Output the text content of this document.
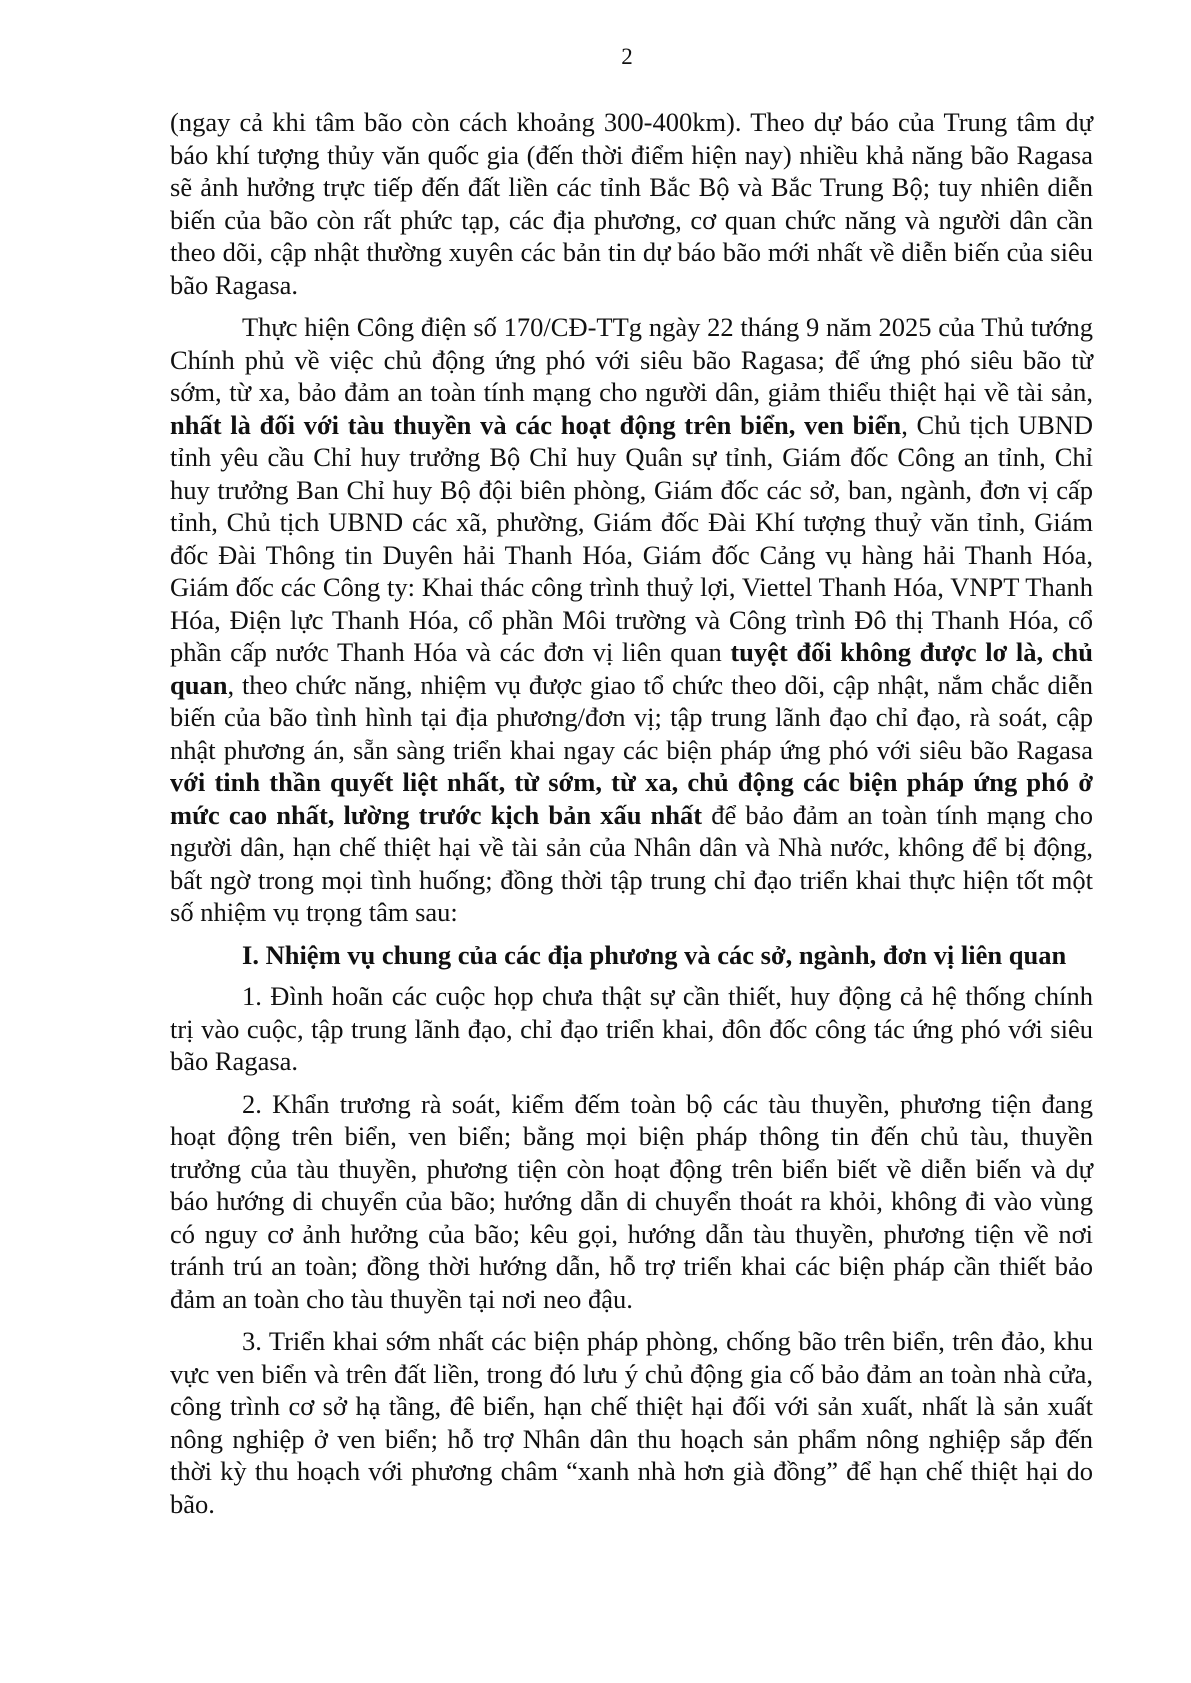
2

(ngay cả khi tâm bão còn cách khoảng 300-400km). Theo dự báo của Trung tâm dự báo khí tượng thủy văn quốc gia (đến thời điểm hiện nay) nhiều khả năng bão Ragasa sẽ ảnh hưởng trực tiếp đến đất liền các tỉnh Bắc Bộ và Bắc Trung Bộ; tuy nhiên diễn biến của bão còn rất phức tạp, các địa phương, cơ quan chức năng và người dân cần theo dõi, cập nhật thường xuyên các bản tin dự báo bão mới nhất về diễn biến của siêu bão Ragasa.

Thực hiện Công điện số 170/CĐ-TTg ngày 22 tháng 9 năm 2025 của Thủ tướng Chính phủ về việc chủ động ứng phó với siêu bão Ragasa; để ứng phó siêu bão từ sớm, từ xa, bảo đảm an toàn tính mạng cho người dân, giảm thiểu thiệt hại về tài sản, nhất là đối với tàu thuyền và các hoạt động trên biển, ven biển, Chủ tịch UBND tỉnh yêu cầu Chỉ huy trưởng Bộ Chỉ huy Quân sự tỉnh, Giám đốc Công an tỉnh, Chỉ huy trưởng Ban Chỉ huy Bộ đội biên phòng, Giám đốc các sở, ban, ngành, đơn vị cấp tỉnh, Chủ tịch UBND các xã, phường, Giám đốc Đài Khí tượng thuỷ văn tỉnh, Giám đốc Đài Thông tin Duyên hải Thanh Hóa, Giám đốc Cảng vụ hàng hải Thanh Hóa, Giám đốc các Công ty: Khai thác công trình thuỷ lợi, Viettel Thanh Hóa, VNPT Thanh Hóa, Điện lực Thanh Hóa, cổ phần Môi trường và Công trình Đô thị Thanh Hóa, cổ phần cấp nước Thanh Hóa và các đơn vị liên quan tuyệt đối không được lơ là, chủ quan, theo chức năng, nhiệm vụ được giao tổ chức theo dõi, cập nhật, nắm chắc diễn biến của bão tình hình tại địa phương/đơn vị; tập trung lãnh đạo chỉ đạo, rà soát, cập nhật phương án, sẵn sàng triển khai ngay các biện pháp ứng phó với siêu bão Ragasa với tinh thần quyết liệt nhất, từ sớm, từ xa, chủ động các biện pháp ứng phó ở mức cao nhất, lường trước kịch bản xấu nhất để bảo đảm an toàn tính mạng cho người dân, hạn chế thiệt hại về tài sản của Nhân dân và Nhà nước, không để bị động, bất ngờ trong mọi tình huống; đồng thời tập trung chỉ đạo triển khai thực hiện tốt một số nhiệm vụ trọng tâm sau:

I. Nhiệm vụ chung của các địa phương và các sở, ngành, đơn vị liên quan

1. Đình hoãn các cuộc họp chưa thật sự cần thiết, huy động cả hệ thống chính trị vào cuộc, tập trung lãnh đạo, chỉ đạo triển khai, đôn đốc công tác ứng phó với siêu bão Ragasa.

2. Khẩn trương rà soát, kiểm đếm toàn bộ các tàu thuyền, phương tiện đang hoạt động trên biển, ven biển; bằng mọi biện pháp thông tin đến chủ tàu, thuyền trưởng của tàu thuyền, phương tiện còn hoạt động trên biển biết về diễn biến và dự báo hướng di chuyển của bão; hướng dẫn di chuyển thoát ra khỏi, không đi vào vùng có nguy cơ ảnh hưởng của bão; kêu gọi, hướng dẫn tàu thuyền, phương tiện về nơi tránh trú an toàn; đồng thời hướng dẫn, hỗ trợ triển khai các biện pháp cần thiết bảo đảm an toàn cho tàu thuyền tại nơi neo đậu.

3. Triển khai sớm nhất các biện pháp phòng, chống bão trên biển, trên đảo, khu vực ven biển và trên đất liền, trong đó lưu ý chủ động gia cố bảo đảm an toàn nhà cửa, công trình cơ sở hạ tầng, đê biển, hạn chế thiệt hại đối với sản xuất, nhất là sản xuất nông nghiệp ở ven biển; hỗ trợ Nhân dân thu hoạch sản phẩm nông nghiệp sắp đến thời kỳ thu hoạch với phương châm “xanh nhà hơn già đồng” để hạn chế thiệt hại do bão.
